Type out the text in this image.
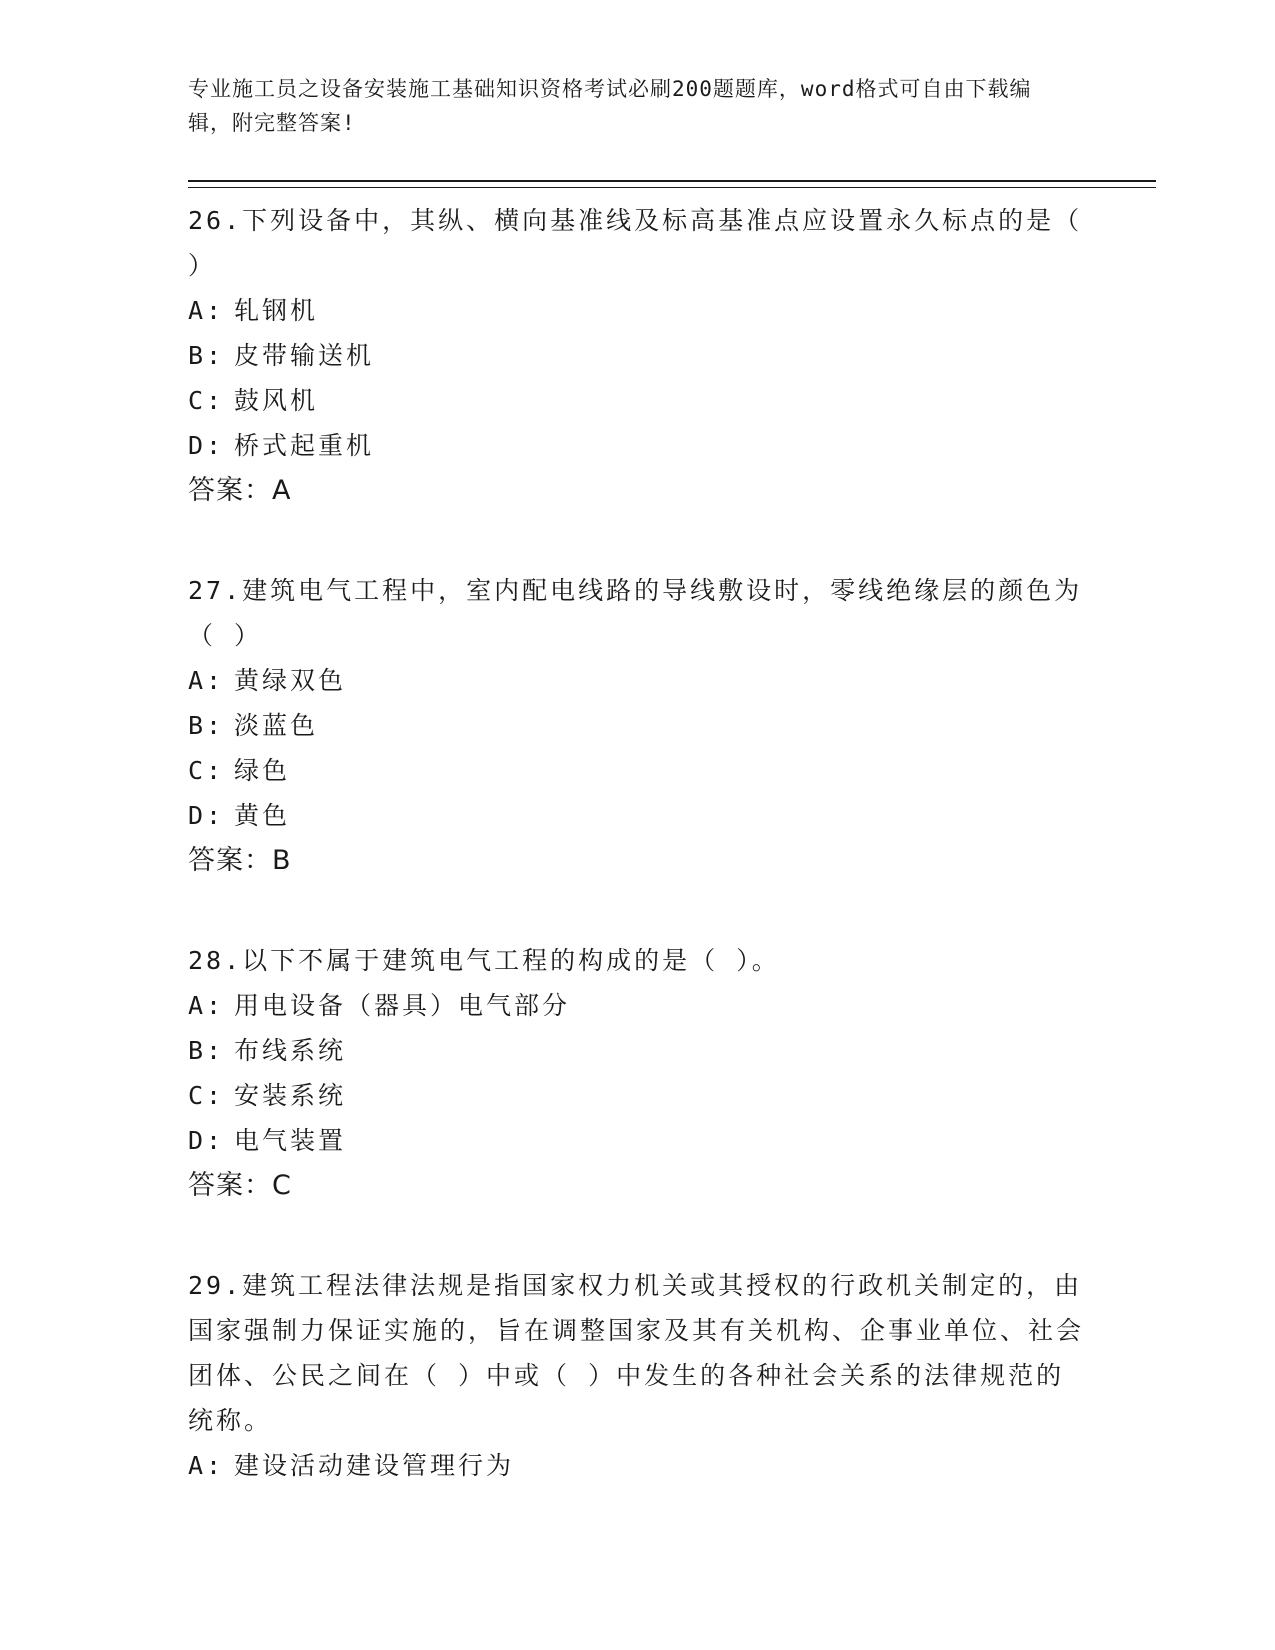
专业施工员之设备安装施工基础知识资格考试必刷200题题库，word格式可自由下载编辑，附完整答案!

26.下列设备中，其纵、横向基准线及标高基准点应设置永久标点的是（ ）

A: 轧钢机

B: 皮带输送机

C: 鼓风机

D: 桥式起重机

答案：A

27.建筑电气工程中，室内配电线路的导线敷设时，零线绝缘层的颜色为（ ）

A: 黄绿双色

B: 淡蓝色

C: 绿色

D: 黄色

答案：B

28.以下不属于建筑电气工程的构成的是（ ）。

A: 用电设备（器具）电气部分

B: 布线系统

C: 安装系统

D: 电气装置

答案：C

29.建筑工程法律法规是指国家权力机关或其授权的行政机关制定的，由国家强制力保证实施的，旨在调整国家及其有关机构、企事业单位、社会团体、公民之间在（ ）中或（ ）中发生的各种社会关系的法律规范的统称。

A: 建设活动建设管理行为
